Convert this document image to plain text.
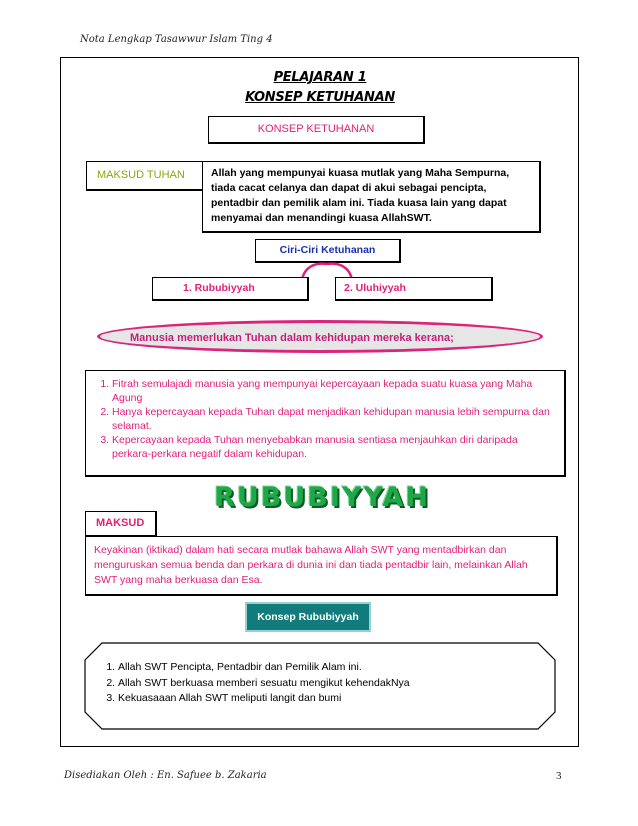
Nota Lengkap Tasawwur Islam Ting 4
PELAJARAN 1
KONSEP KETUHANAN
KONSEP KETUHANAN
MAKSUD TUHAN	Allah yang mempunyai kuasa mutlak yang Maha Sempurna, tiada cacat celanya dan dapat di akui sebagai pencipta, pentadbir dan pemilik alam ini. Tiada kuasa lain yang dapat menyamai dan menandingi kuasa AllahSWT.
Ciri-Ciri Ketuhanan
1. Rububiyyah	2. Uluhiyyah
Manusia memerlukan Tuhan dalam kehidupan mereka kerana;
1. Fitrah semulajadi manusia yang mempunyai kepercayaan kepada suatu kuasa yang Maha Agung
2. Hanya kepercayaan kepada Tuhan dapat menjadikan kehidupan manusia lebih sempurna dan selamat.
3. Kepercayaan kepada Tuhan menyebabkan manusia sentiasa menjauhkan diri daripada perkara-perkara negatif dalam kehidupan.
RUBUBIYYAH
MAKSUD
Keyakinan (iktikad) dalam hati secara mutlak bahawa Allah SWT yang mentadbirkan dan menguruskan semua benda dan perkara di dunia ini dan tiada pentadbir lain, melainkan Allah SWT yang maha berkuasa dan Esa.
Konsep Rububiyyah
1. Allah SWT Pencipta, Pentadbir dan Pemilik Alam ini.
2. Allah SWT berkuasa memberi sesuatu mengikut kehendakNya
3. Kekuasaaan Allah SWT meliputi langit dan bumi
Disediakan Oleh : En. Safuee b. Zakaria	3
